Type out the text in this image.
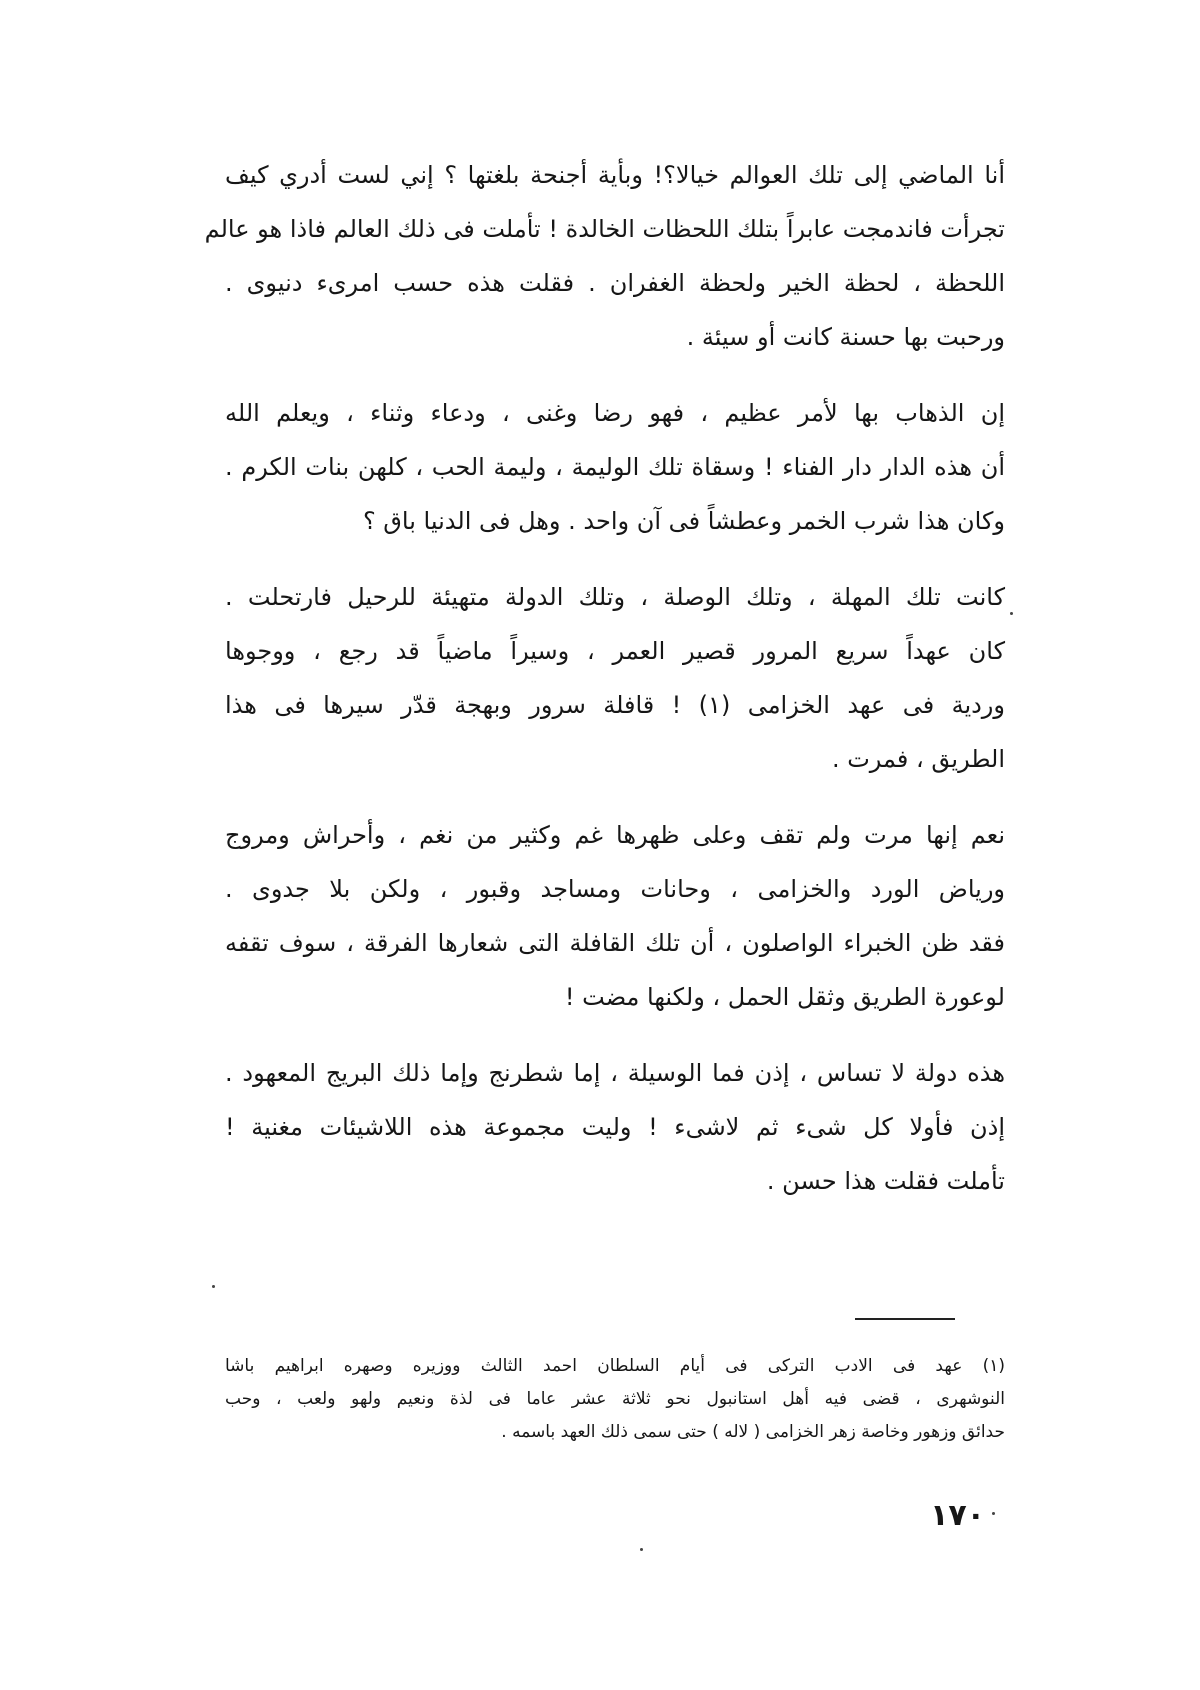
أنا الماضي إلى تلك العوالم خيالا؟! وبأية أجنحة بلغتها ؟ إني لست أدري كيف
تجرأت فاندمجت عابراً بتلك اللحظات الخالدة ! تأملت فى ذلك العالم فاذا هو عالم
اللحظة ، لحظة الخير ولحظة الغفران . فقلت هذه حسب امرىء دنيوى .
ورحبت بها حسنة كانت أو سيئة .
إن الذهاب بها لأمر عظيم ، فهو رضا وغنى ، ودعاء وثناء ، ويعلم الله
أن هذه الدار دار الفناء ! وسقاة تلك الوليمة ، وليمة الحب ، كلهن بنات الكرم .
وكان هذا شرب الخمر وعطشاً فى آن واحد . وهل فى الدنيا باق ؟
كانت تلك المهلة ، وتلك الوصلة ، وتلك الدولة متهيئة للرحيل فارتحلت .
كان عهداً سريع المرور قصير العمر ، وسيراً ماضياً قد رجع ، ووجوها
وردية فى عهد الخزامى (١) ! قافلة سرور وبهجة قدّر سيرها فى هذا
الطريق ، فمرت .
نعم إنها مرت ولم تقف وعلى ظهرها غم وكثير من نغم ، وأحراش ومروج
ورياض الورد والخزامى ، وحانات ومساجد وقبور ، ولكن بلا جدوى .
فقد ظن الخبراء الواصلون ، أن تلك القافلة التى شعارها الفرقة ، سوف تقفه
لوعورة الطريق وثقل الحمل ، ولكنها مضت !
هذه دولة لا تساس ، إذن فما الوسيلة ، إما شطرنج وإما ذلك البريج المعهود .
إذن فأولا كل شىء ثم لاشىء ! وليت مجموعة هذه اللاشيئات مغنية !
تأملت فقلت هذا حسن .
(١) عهد فى الادب التركى فى أيام السلطان احمد الثالث ووزيره وصهره ابراهيم باشا
النوشهرى ، قضى فيه أهل استانبول نحو ثلاثة عشر عاما فى لذة ونعيم ولهو ولعب ، وحب
حدائق وزهور وخاصة زهر الخزامى ( لاله ) حتى سمى ذلك العهد باسمه .
١٧٠
